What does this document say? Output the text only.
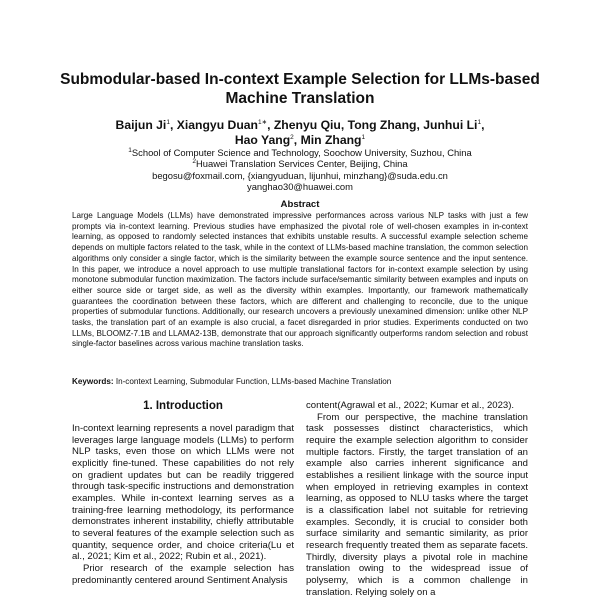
Submodular-based In-context Example Selection for LLMs-based Machine Translation
Baijun Ji$^1$, Xiangyu Duan$^{1∗}$, Zhenyu Qiu, Tong Zhang, Junhui Li$^1$,
Hao Yang$^2$, Min Zhang$^1$
$^1$School of Computer Science and Technology, Soochow University, Suzhou, China
$^2$Huawei Translation Services Center, Beijing, China
begosu@foxmail.com, {xiangyuduan, lijunhui, minzhang}@suda.edu.cn
yanghao30@huawei.com
Abstract
Large Language Models (LLMs) have demonstrated impressive performances across various NLP tasks with just a few prompts via in-context learning. Previous studies have emphasized the pivotal role of well-chosen examples in in-context learning, as opposed to randomly selected instances that exhibits unstable results. A successful example selection scheme depends on multiple factors related to the task, while in the context of LLMs-based machine translation, the common selection algorithms only consider a single factor, which is the similarity between the example source sentence and the input sentence. In this paper, we introduce a novel approach to use multiple translational factors for in-context example selection by using monotone submodular function maximization. The factors include surface/semantic similarity between examples and inputs on either source side or target side, as well as the diversity within examples. Importantly, our framework mathematically guarantees the coordination between these factors, which are different and challenging to reconcile, due to the unique properties of submodular functions. Additionally, our research uncovers a previously unexamined dimension: unlike other NLP tasks, the translation part of an example is also crucial, a facet disregarded in prior studies. Experiments conducted on two LLMs, BLOOMZ-7.1B and LLAMA2-13B, demonstrate that our approach significantly outperforms random selection and robust single-factor baselines across various machine translation tasks.
Keywords: In-context Learning, Submodular Function, LLMs-based Machine Translation
1. Introduction

In-context learning represents a novel paradigm that leverages large language models (LLMs) to perform NLP tasks, even those on which LLMs were not explicitly fine-tuned. These capabilities do not rely on gradient updates but can be readily triggered through task-specific instructions and demonstration examples. While in-context learning serves as a training-free learning methodology, its performance demonstrates inherent instability, chiefly attributable to several features of the example selection such as quantity, sequence order, and choice criteria(Lu et al., 2021; Kim et al., 2022; Rubin et al., 2021).

Prior research of the example selection has predominantly centered around Sentiment Analysis

content(Agrawal et al., 2022; Kumar et al., 2023).

From our perspective, the machine translation task possesses distinct characteristics, which require the example selection algorithm to consider multiple factors. Firstly, the target translation of an example also carries inherent significance and establishes a resilient linkage with the source input when employed in retrieving examples in context learning, as opposed to NLU tasks where the target is a classification label not suitable for retrieving examples. Secondly, it is crucial to consider both surface similarity and semantic similarity, as prior research frequently treated them as separate facets. Thirdly, diversity plays a pivotal role in machine translation owing to the widespread issue of polysemy, which is a common challenge in translation. Relying solely on a
